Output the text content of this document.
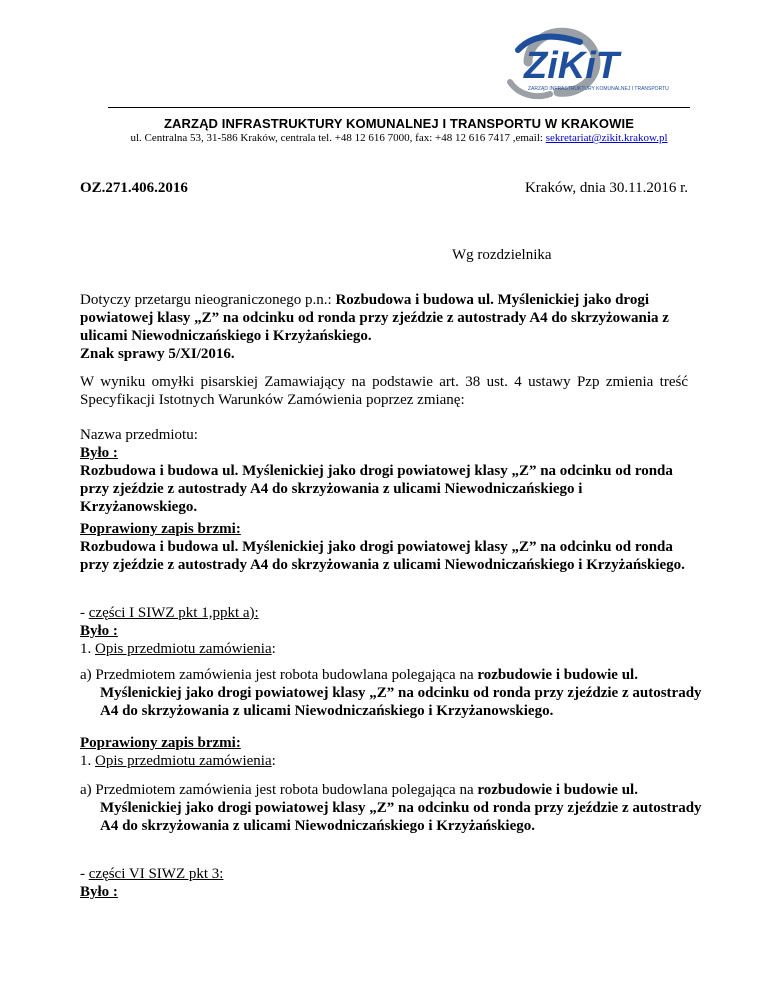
ZiKiT
ZARZĄD INFRASTRUKTURY KOMUNALNEJ I TRANSPORTU
ZARZĄD INFRASTRUKTURY KOMUNALNEJ I TRANSPORTU W KRAKOWIE
ul. Centralna 53, 31-586 Kraków, centrala tel. +48 12 616 7000, fax: +48 12 616 7417 ,email: sekretariat@zikit.krakow.pl
OZ.271.406.2016	Kraków, dnia 30.11.2016 r.
Wg rozdzielnika
Dotyczy przetargu nieograniczonego p.n.: Rozbudowa i budowa ul. Myślenickiej jako drogi powiatowej klasy „Z” na odcinku od ronda przy zjeździe z autostrady A4 do skrzyżowania z ulicami Niewodniczańskiego i Krzyżańskiego.
Znak sprawy 5/XI/2016.
W wyniku omyłki pisarskiej Zamawiający na podstawie art. 38 ust. 4 ustawy Pzp zmienia treść Specyfikacji Istotnych Warunków Zamówienia poprzez zmianę:
Nazwa przedmiotu:
Było :
Rozbudowa i budowa ul. Myślenickiej jako drogi powiatowej klasy „Z” na odcinku od ronda przy zjeździe z autostrady A4 do skrzyżowania z ulicami Niewodniczańskiego i Krzyżanowskiego.
Poprawiony zapis brzmi:
Rozbudowa i budowa ul. Myślenickiej jako drogi powiatowej klasy „Z” na odcinku od ronda przy zjeździe z autostrady A4 do skrzyżowania z ulicami Niewodniczańskiego i Krzyżańskiego.
- części I SIWZ pkt 1,ppkt a):
Było :
1. Opis przedmiotu zamówienia:
a) Przedmiotem zamówienia jest robota budowlana polegająca na rozbudowie i budowie ul. Myślenickiej jako drogi powiatowej klasy „Z” na odcinku od ronda przy zjeździe z autostrady A4 do skrzyżowania z ulicami Niewodniczańskiego i Krzyżanowskiego.
Poprawiony zapis brzmi:
1. Opis przedmiotu zamówienia:
a) Przedmiotem zamówienia jest robota budowlana polegająca na rozbudowie i budowie ul. Myślenickiej jako drogi powiatowej klasy „Z” na odcinku od ronda przy zjeździe z autostrady A4 do skrzyżowania z ulicami Niewodniczańskiego i Krzyżańskiego.
- części VI SIWZ pkt 3:
Było :
